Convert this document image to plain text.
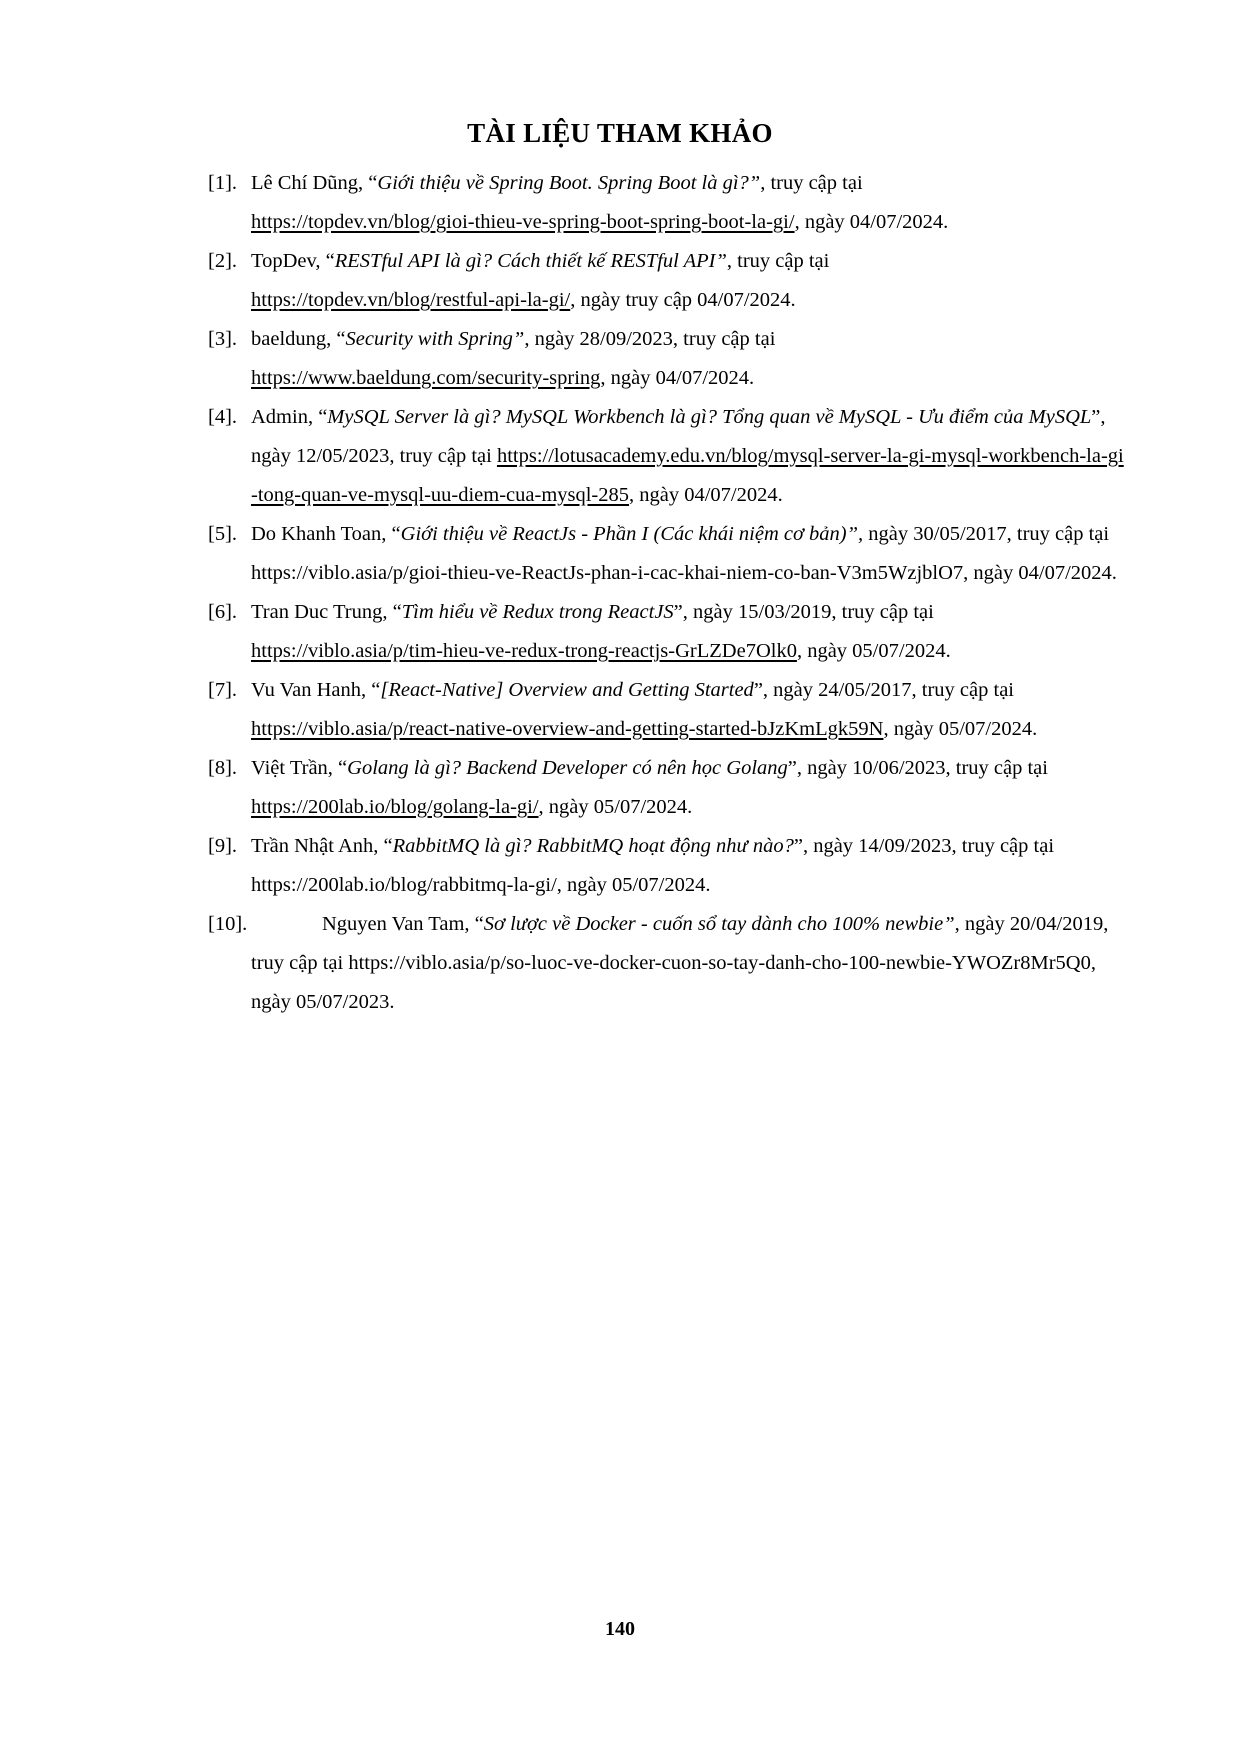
TÀI LIỆU THAM KHẢO
[1]. Lê Chí Dũng, “Giới thiệu về Spring Boot. Spring Boot là gì?”, truy cập tại
https://topdev.vn/blog/gioi-thieu-ve-spring-boot-spring-boot-la-gi/, ngày 04/07/2024.
[2]. TopDev, “RESTful API là gì? Cách thiết kế RESTful API”, truy cập tại
https://topdev.vn/blog/restful-api-la-gi/, ngày truy cập 04/07/2024.
[3]. baeldung, “Security with Spring”, ngày 28/09/2023, truy cập tại
https://www.baeldung.com/security-spring, ngày 04/07/2024.
[4]. Admin, “MySQL Server là gì? MySQL Workbench là gì? Tổng quan về MySQL - Ưu điểm của MySQL”, ngày 12/05/2023, truy cập tại https://lotusacademy.edu.vn/blog/mysql-server-la-gi-mysql-workbench-la-gi-tong-quan-ve-mysql-uu-diem-cua-mysql-285, ngày 04/07/2024.
[5]. Do Khanh Toan, “Giới thiệu về ReactJs - Phần I (Các khái niệm cơ bản)”, ngày 30/05/2017, truy cập tại https://viblo.asia/p/gioi-thieu-ve-ReactJs-phan-i-cac-khai-niem-co-ban-V3m5WzjblO7, ngày 04/07/2024.
[6]. Tran Duc Trung, “Tìm hiểu về Redux trong ReactJS”, ngày 15/03/2019, truy cập tại
https://viblo.asia/p/tim-hieu-ve-redux-trong-reactjs-GrLZDe7Olk0, ngày 05/07/2024.
[7]. Vu Van Hanh, “[React-Native] Overview and Getting Started”, ngày 24/05/2017, truy cập tại
https://viblo.asia/p/react-native-overview-and-getting-started-bJzKmLgk59N, ngày 05/07/2024.
[8]. Việt Trần, “Golang là gì? Backend Developer có nên học Golang”, ngày 10/06/2023, truy cập tại https://200lab.io/blog/golang-la-gi/, ngày 05/07/2024.
[9]. Trần Nhật Anh, “RabbitMQ là gì? RabbitMQ hoạt động như nào?”, ngày 14/09/2023, truy cập tại https://200lab.io/blog/rabbitmq-la-gi/, ngày 05/07/2024.
[10].	Nguyen Van Tam, “Sơ lược về Docker - cuốn sổ tay dành cho 100% newbie”, ngày 20/04/2019, truy cập tại https://viblo.asia/p/so-luoc-ve-docker-cuon-so-tay-danh-cho-100-newbie-YWOZr8Mr5Q0, ngày 05/07/2023.
140
